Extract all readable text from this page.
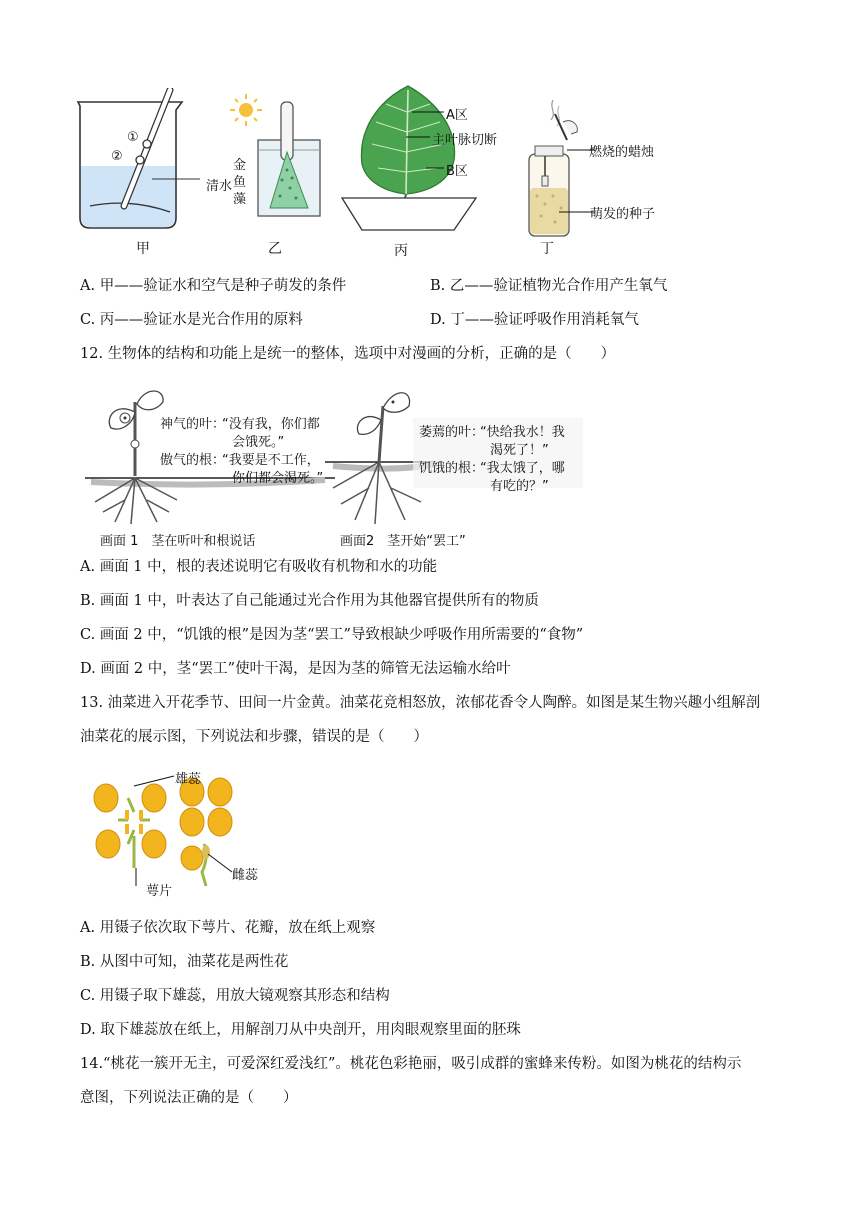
①
②
清水
甲
金鱼藻
乙
A区
主叶脉切断
B区
丙
燃烧的蜡烛
萌发的种子
丁
A. 甲——验证水和空气是种子萌发的条件	B. 乙——验证植物光合作用产生氧气
C. 丙——验证水是光合作用的原料	D. 丁——验证呼吸作用消耗氧气
12. 生物体的结构和功能上是统一的整体，选项中对漫画的分析，正确的是（　　）
神气的叶：
“没有我，你们都
会饿死。”
傲气的根：
“我要是不工作，
你们都会渴死。”
画面 1　茎在听叶和根说话
萎蔫的叶：
“快给我水！我
渴死了！”
饥饿的根：
“我太饿了，哪
有吃的？”
画面2　茎开始“罢工”
A. 画面 1 中，根的表述说明它有吸收有机物和水的功能
B. 画面 1 中，叶表达了自己能通过光合作用为其他器官提供所有的物质
C. 画面 2 中，“饥饿的根”是因为茎“罢工”导致根缺少呼吸作用所需要的“食物”
D. 画面 2 中，茎“罢工”使叶干渴，是因为茎的筛管无法运输水给叶
13. 油菜进入开花季节、田间一片金黄。油菜花竞相怒放，浓郁花香令人陶醉。如图是某生物兴趣小组解剖
油菜花的展示图，下列说法和步骤，错误的是（　　）
雄蕊
萼片
雌蕊
A. 用镊子依次取下萼片、花瓣，放在纸上观察
B. 从图中可知，油菜花是两性花
C. 用镊子取下雄蕊，用放大镜观察其形态和结构
D. 取下雄蕊放在纸上，用解剖刀从中央剖开，用肉眼观察里面的胚珠
14.“桃花一簇开无主，可爱深红爱浅红”。桃花色彩艳丽，吸引成群的蜜蜂来传粉。如图为桃花的结构示
意图，下列说法正确的是（　　）
